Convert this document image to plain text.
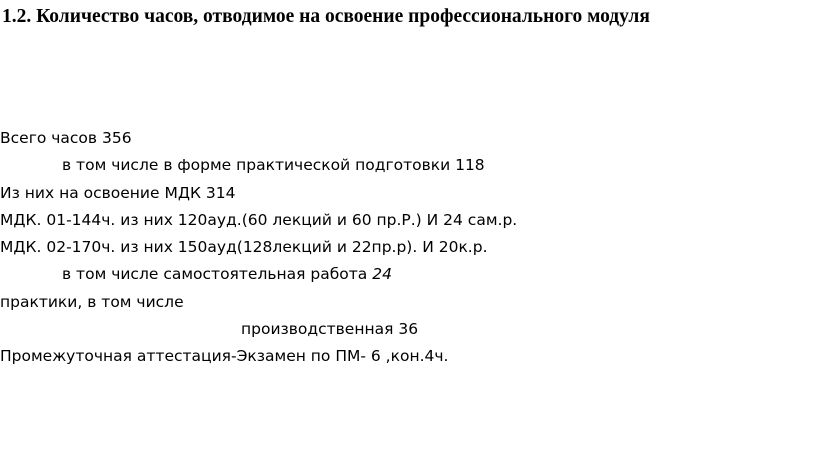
1.2. Количество часов, отводимое на освоение профессионального модуля
Всего часов 356
в том числе в форме практической подготовки 118
Из них на освоение МДК 314
МДК. 01-144ч. из них 120ауд.(60 лекций и 60 пр.Р.) И 24 сам.р.
МДК. 02-170ч. из них 150ауд(128лекций и 22пр.р). И 20к.р.
в том числе самостоятельная работа 24
практики, в том числе
производственная 36
Промежуточная аттестация-Экзамен по ПМ- 6 ,кон.4ч.
